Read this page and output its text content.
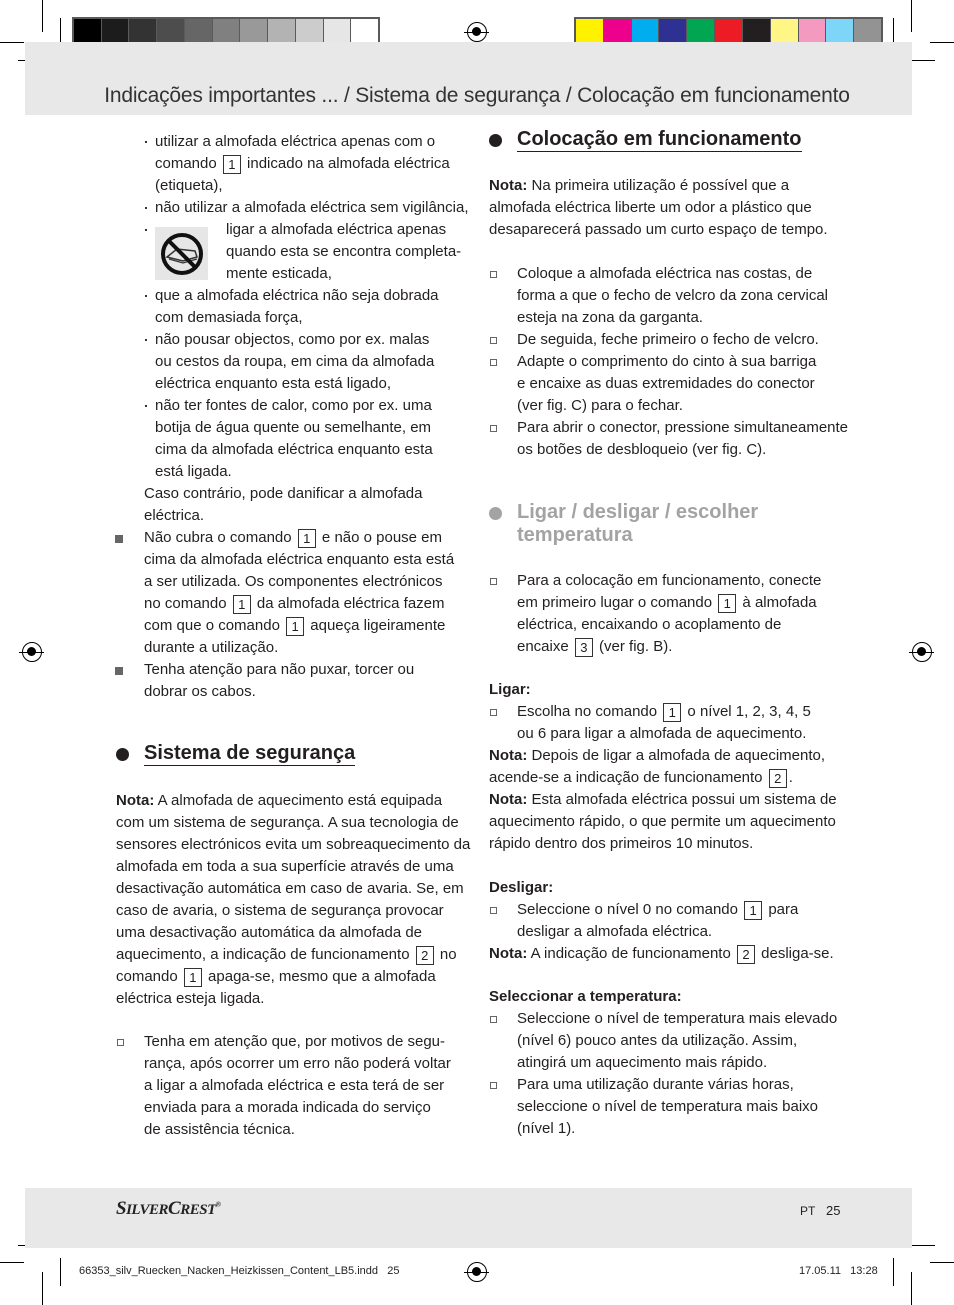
Indicações importantes ... / Sistema de segurança / Colocação em funcionamento
utilizar a almofada eléctrica apenas com o
comando 1 indicado na almofada eléctrica
(etiqueta),
não utilizar a almofada eléctrica sem vigilância,
ligar a almofada eléctrica apenas
quando esta se encontra completa-
mente esticada,
que a almofada eléctrica não seja dobrada
com demasiada força,
não pousar objectos, como por ex. malas
ou cestos da roupa, em cima da almofada
eléctrica enquanto esta está ligado,
não ter fontes de calor, como por ex. uma
botija de água quente ou semelhante, em
cima da almofada eléctrica enquanto esta
está ligada.
Caso contrário, pode danificar a almofada
eléctrica.
Não cubra o comando 1 e não o pouse em
cima da almofada eléctrica enquanto esta está
a ser utilizada. Os componentes electrónicos
no comando 1 da almofada eléctrica fazem
com que o comando 1 aqueça ligeiramente
durante a utilização.
Tenha atenção para não puxar, torcer ou
dobrar os cabos.
Sistema de segurança
Nota: A almofada de aquecimento está equipada
com um sistema de segurança. A sua tecnologia de
sensores electrónicos evita um sobreaquecimento da
almofada em toda a sua superfície através de uma
desactivação automática em caso de avaria. Se, em
caso de avaria, o sistema de segurança provocar
uma desactivação automática da almofada de
aquecimento, a indicação de funcionamento 2 no
comando 1 apaga-se, mesmo que a almofada
eléctrica esteja ligada.
Tenha em atenção que, por motivos de segu-
rança, após ocorrer um erro não poderá voltar
a ligar a almofada eléctrica e esta terá de ser
enviada para a morada indicada do serviço
de assistência técnica.
Colocação em funcionamento
Nota: Na primeira utilização é possível que a
almofada eléctrica liberte um odor a plástico que
desaparecerá passado um curto espaço de tempo.
Coloque a almofada eléctrica nas costas, de
forma a que o fecho de velcro da zona cervical
esteja na zona da garganta.
De seguida, feche primeiro o fecho de velcro.
Adapte o comprimento do cinto à sua barriga
e encaixe as duas extremidades do conector
(ver fig. C) para o fechar.
Para abrir o conector, pressione simultaneamente
os botões de desbloqueio (ver fig. C).
Ligar / desligar / escolher
temperatura
Para a colocação em funcionamento, conecte
em primeiro lugar o comando 1 à almofada
eléctrica, encaixando o acoplamento de
encaixe 3 (ver fig. B).
Ligar:
Escolha no comando 1 o nível 1, 2, 3, 4, 5
ou 6 para ligar a almofada de aquecimento.
Nota: Depois de ligar a almofada de aquecimento,
acende-se a indicação de funcionamento 2 .
Nota: Esta almofada eléctrica possui um sistema de
aquecimento rápido, o que permite um aquecimento
rápido dentro dos primeiros 10 minutos.
Desligar:
Seleccione o nível 0 no comando 1 para
desligar a almofada eléctrica.
Nota: A indicação de funcionamento 2 desliga-se.
Seleccionar a temperatura:
Seleccione o nível de temperatura mais elevado
(nível 6) pouco antes da utilização. Assim,
atingirá um aquecimento mais rápido.
Para uma utilização durante várias horas,
seleccione o nível de temperatura mais baixo
(nível 1).
SILVERCREST®	PT 25
66353_silv_Ruecken_Nacken_Heizkissen_Content_LB5.indd   25	17.05.11   13:28
